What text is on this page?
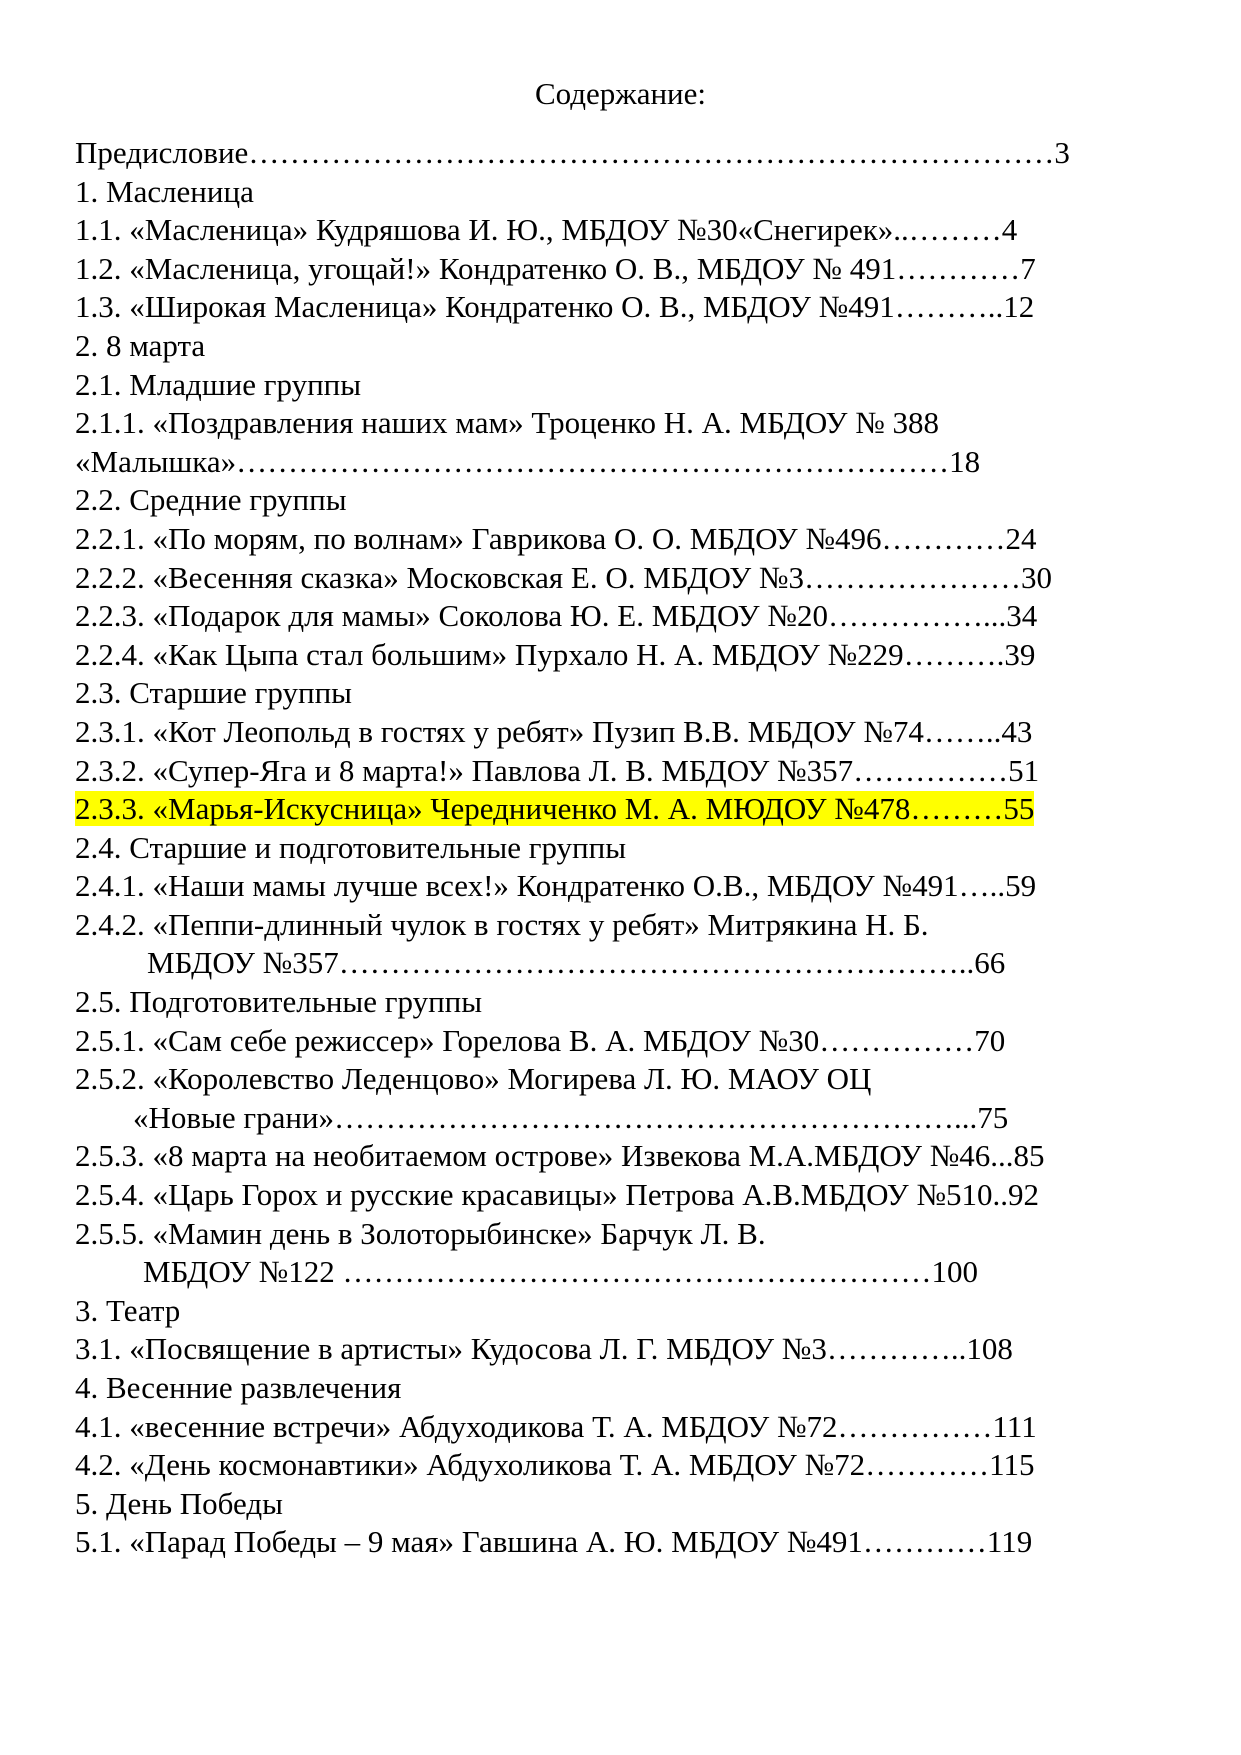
Содержание:
Предисловие……………………………………………………………………3
1. Масленица
1.1. «Масленица» Кудряшова И. Ю., МБДОУ №30«Снегирек»..………4
1.2. «Масленица, угощай!» Кондратенко О. В., МБДОУ № 491…………7
1.3. «Широкая Масленица» Кондратенко О. В., МБДОУ №491………..12
2. 8 марта
2.1. Младшие группы
2.1.1. «Поздравления наших мам» Троценко Н. А. МБДОУ № 388
«Малышка»……………………………………………………………18
2.2. Средние группы
2.2.1. «По морям, по волнам» Гаврикова О. О. МБДОУ №496…………24
2.2.2. «Весенняя сказка» Московская Е. О. МБДОУ №3…………………30
2.2.3. «Подарок для мамы» Соколова Ю. Е. МБДОУ №20……………...34
2.2.4. «Как Цыпа стал большим» Пурхало Н. А. МБДОУ №229……….39
2.3. Старшие группы
2.3.1. «Кот Леопольд в гостях у ребят» Пузип В.В. МБДОУ №74……..43
2.3.2. «Супер-Яга и 8 марта!» Павлова Л. В. МБДОУ №357……………51
2.3.3. «Марья-Искусница» Чередниченко М. А. МЮДОУ №478………55
2.4. Старшие и подготовительные группы
2.4.1. «Наши мамы лучше всех!» Кондратенко О.В., МБДОУ №491…..59
2.4.2. «Пеппи-длинный чулок в гостях у ребят» Митрякина Н. Б.
МБДОУ №357……………………………………………………..66
2.5. Подготовительные группы
2.5.1. «Сам себе режиссер» Горелова В. А. МБДОУ №30……………70
2.5.2. «Королевство Леденцово» Могирева Л. Ю. МАОУ ОЦ
«Новые грани»……………………………………………………...75
2.5.3. «8 марта на необитаемом острове» Извекова М.А.МБДОУ №46...85
2.5.4. «Царь Горох и русские красавицы» Петрова А.В.МБДОУ №510..92
2.5.5. «Мамин день в Золоторыбинске» Барчук Л. В.
МБДОУ №122 …………………………………………………100
3. Театр
3.1. «Посвящение в артисты» Кудосова Л. Г. МБДОУ №3…………..108
4. Весенние развлечения
4.1. «весенние встречи» Абдуходикова Т. А. МБДОУ №72……………111
4.2. «День космонавтики» Абдухоликова Т. А. МБДОУ №72…………115
5. День Победы
5.1. «Парад Победы – 9 мая» Гавшина А. Ю. МБДОУ №491…………119
